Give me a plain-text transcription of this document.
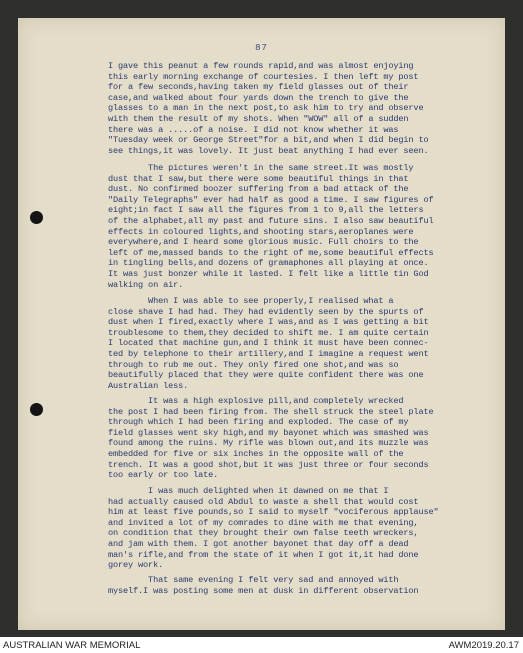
87
I gave this peanut a few rounds rapid,and was almost enjoying
this early morning exchange of courtesies. I then left my post
for a few seconds,having taken my field glasses out of their
case,and walked about four yards down the trench to give the
glasses to a man in the next post,to ask him to try and observe
with them the result of my shots. When "WOW" all of a sudden
there was a .....of a noise. I did not know whether it was
"Tuesday week or George Street"for a bit,and when I did begin to
see things,it was lovely. It just beat anything I had ever seen.
The pictures weren't in the same street.It was mostly
dust that I saw,but there were some beautiful things in that
dust. No confirmed boozer suffering from a bad attack of the
"Daily Telegraphs" ever had half as good a time. I saw figures of
eight;in fact I saw all the figures from 1 to 9,all the letters
of the alphabet,all my past and future sins. I also saw beautiful
effects in coloured lights,and shooting stars,aeroplanes were
everywhere,and I heard some glorious music. Full choirs to the
left of me,massed bands to the right of me,some beautiful effects
in tingling bells,and dozens of gramaphones all playing at once.
It was just bonzer while it lasted. I felt like a little tin God
walking on air.
When I was able to see properly,I realised what a
close shave I had had. They had evidently seen by the spurts of
dust when I fired,exactly where I was,and as I was getting a bit
troublesome to them,they decided to shift me. I am quite certain
I located that machine gun,and I think it must have been connec-
ted by telephone to their artillery,and I imagine a request went
through to rub me out. They only fired one shot,and was so
beautifully placed that they were quite confident there was one
Australian less.
It was a high explosive pill,and completely wrecked
the post I had been firing from. The shell struck the steel plate
through which I had been firing and exploded. The case of my
field glasses went sky high,and my bayonet which was smashed was
found among the ruins. My rifle was blown out,and its muzzle was
embedded for five or six inches in the opposite wall of the
trench. It was a good shot,but it was just three or four seconds
too early or too late.
I was much delighted when it dawned on me that I
had actually caused old Abdul to waste a shell that would cost
him at least five pounds,so I said to myself "vociferous applause"
and invited a lot of my comrades to dine with me that evening,
on condition that they brought their own false teeth wreckers,
and jam with them. I got another bayonet that day off a dead
man's rifle,and from the state of it when I got it,it had done
gorey work.
That same evening I felt very sad and annoyed with
myself.I was posting some men at dusk in different observation
AUSTRALIAN WAR MEMORIAL	AWM2019.20.17
